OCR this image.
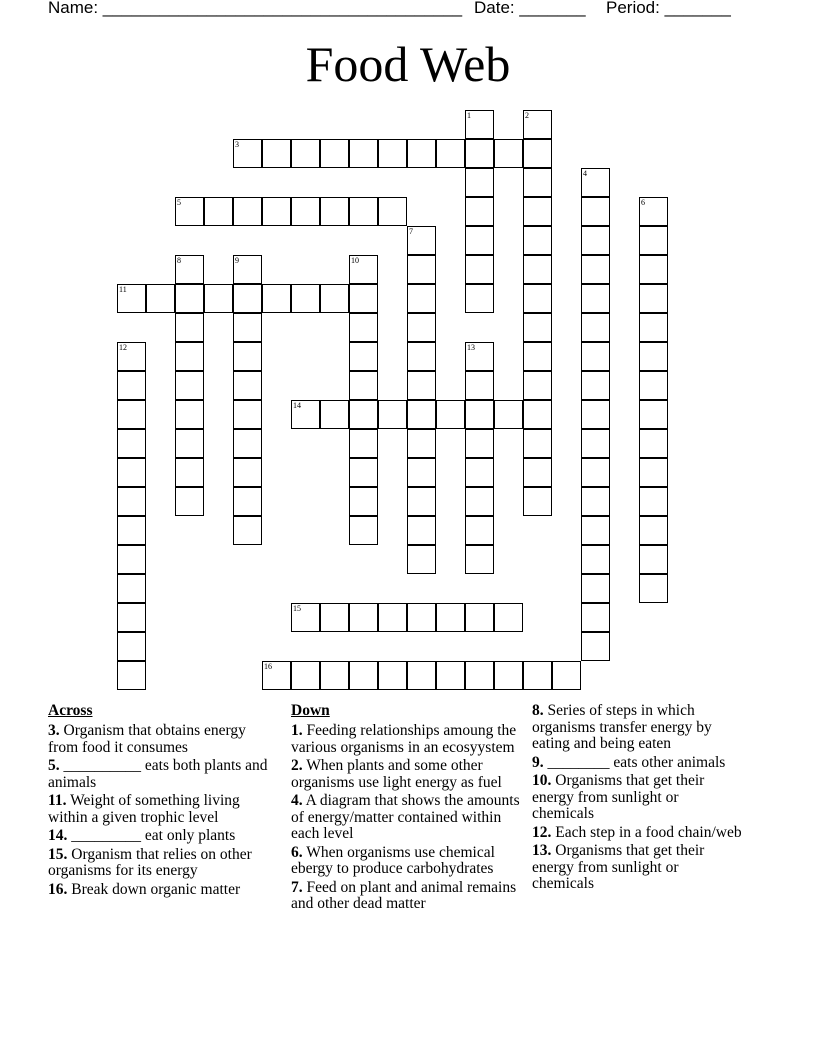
Name: ______________________________________ Date: _______ Period: _______
Food Web
1	2
3
4
5	6
7
8	9	10
11
12	13
14
15
16
Across
3. Organism that obtains energy from food it consumes
5. __________ eats both plants and animals
11. Weight of something living within a given trophic level
14. _________ eat only plants
15. Organism that relies on other organisms for its energy
16. Break down organic matter
Down
1. Feeding relationships amoung the various organisms in an ecosyystem
2. When plants and some other organisms use light energy as fuel
4. A diagram that shows the amounts of energy/matter contained within each level
6. When organisms use chemical ebergy to produce carbohydrates
7. Feed on plant and animal remains and other dead matter
8. Series of steps in which organisms transfer energy by eating and being eaten
9. ________ eats other animals
10. Organisms that get their energy from sunlight or chemicals
12. Each step in a food chain/web
13. Organisms that get their energy from sunlight or chemicals
